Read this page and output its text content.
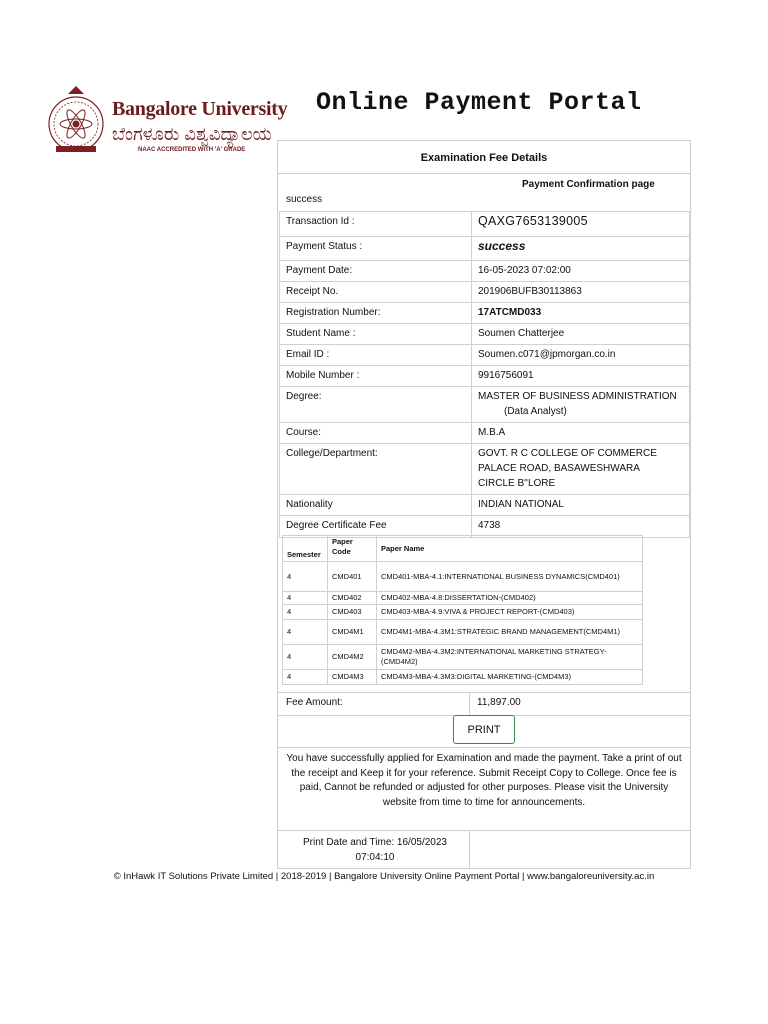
Bangalore University
ಬೆಂಗಳೂರು ವಿಶ್ವವಿದ್ಯಾಲಯ
NAAC ACCREDITED WITH 'A' GRADE
Online Payment Portal
Examination Fee Details
Payment Confirmation page
success
Transaction Id :	QAXG7653139005

Payment Status :	success

Payment Date:	16-05-2023 07:02:00

Receipt No.	201906BUFB30113863

Registration Number:	17ATCMD033

Student Name :	Soumen Chatterjee

Email ID :	Soumen.c071@jpmorgan.co.in

Mobile Number :	9916756091

Degree:	MASTER OF BUSINESS ADMINISTRATION
(Data Analyst)

Course:	M.B.A

College/Department:	GOVT. R C COLLEGE OF COMMERCE
PALACE ROAD, BASAWESHWARA
CIRCLE B''LORE

Nationality	INDIAN NATIONAL

Degree Certificate Fee	4738
Semester	Paper Code	Paper Name
4	CMD401	CMD401-MBA-4.1:INTERNATIONAL BUSINESS DYNAMICS(CMD401)
4	CMD402	CMD402-MBA-4.8:DISSERTATION-(CMD402)
4	CMD403	CMD403-MBA-4.9:VIVA & PROJECT REPORT-(CMD403)
4	CMD4M1	CMD4M1-MBA-4.3M1:STRATEGIC BRAND MANAGEMENT(CMD4M1)
4	CMD4M2	CMD4M2-MBA-4.3M2:INTERNATIONAL MARKETING STRATEGY-(CMD4M2)
4	CMD4M3	CMD4M3-MBA-4.3M3:DIGITAL MARKETING-(CMD4M3)
Fee Amount:	11,897.00
PRINT
You have successfully applied for Examination and made the payment. Take a print of out the receipt and Keep it for your reference. Submit Receipt Copy to College. Once fee is paid, Cannot be refunded or adjusted for other purposes. Please visit the University website from time to time for announcements.
Print Date and Time: 16/05/2023 07:04:10
© InHawk IT Solutions Private Limited | 2018-2019 | Bangalore University Online Payment Portal | www.bangaloreuniversity.ac.in
